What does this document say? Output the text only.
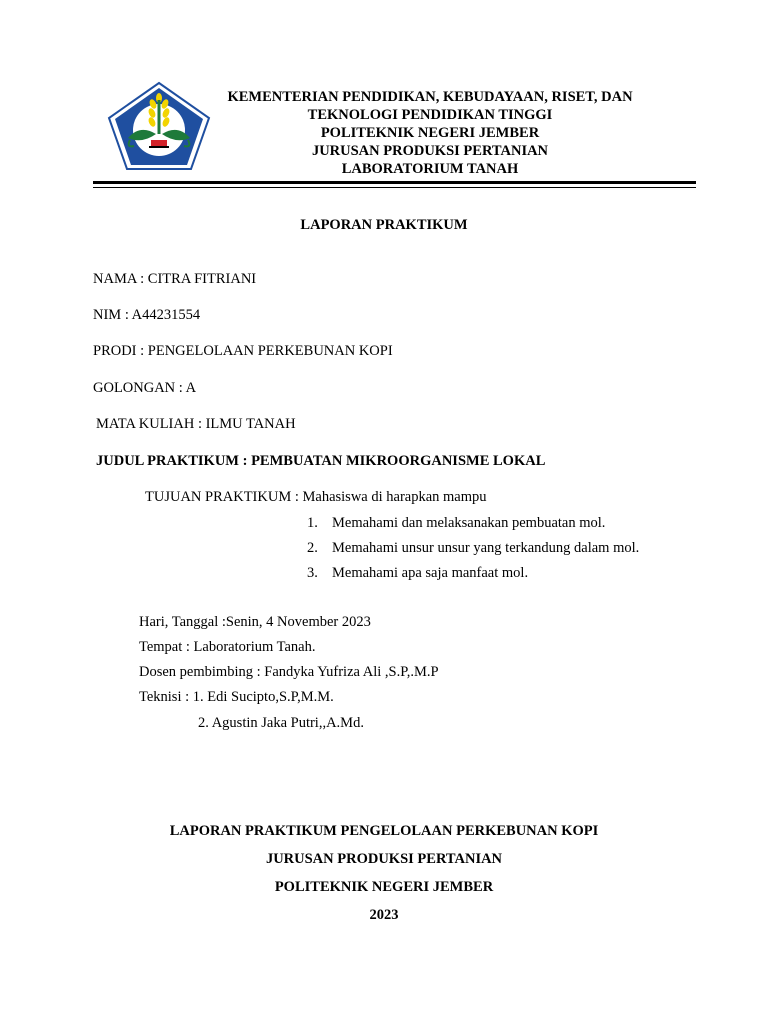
KEMENTERIAN PENDIDIKAN, KEBUDAYAAN, RISET, DAN
TEKNOLOGI PENDIDIKAN TINGGI
POLITEKNIK NEGERI JEMBER
JURUSAN PRODUKSI PERTANIAN
LABORATORIUM TANAH
LAPORAN PRAKTIKUM
NAMA : CITRA FITRIANI
NIM : A44231554
PRODI : PENGELOLAAN PERKEBUNAN KOPI
GOLONGAN : A
MATA KULIAH : ILMU TANAH
JUDUL PRAKTIKUM : PEMBUATAN MIKROORGANISME LOKAL
TUJUAN PRAKTIKUM : Mahasiswa di harapkan mampu
1. Memahami dan melaksanakan pembuatan mol.
2. Memahami unsur unsur yang terkandung dalam mol.
3. Memahami apa saja manfaat mol.
Hari, Tanggal :Senin, 4 November 2023
Tempat : Laboratorium Tanah.
Dosen pembimbing : Fandyka Yufriza Ali ,S.P,.M.P
Teknisi : 1. Edi Sucipto,S.P,M.M.
2. Agustin Jaka Putri,,A.Md.
LAPORAN PRAKTIKUM PENGELOLAAN PERKEBUNAN KOPI
JURUSAN PRODUKSI PERTANIAN
POLITEKNIK NEGERI JEMBER
2023
